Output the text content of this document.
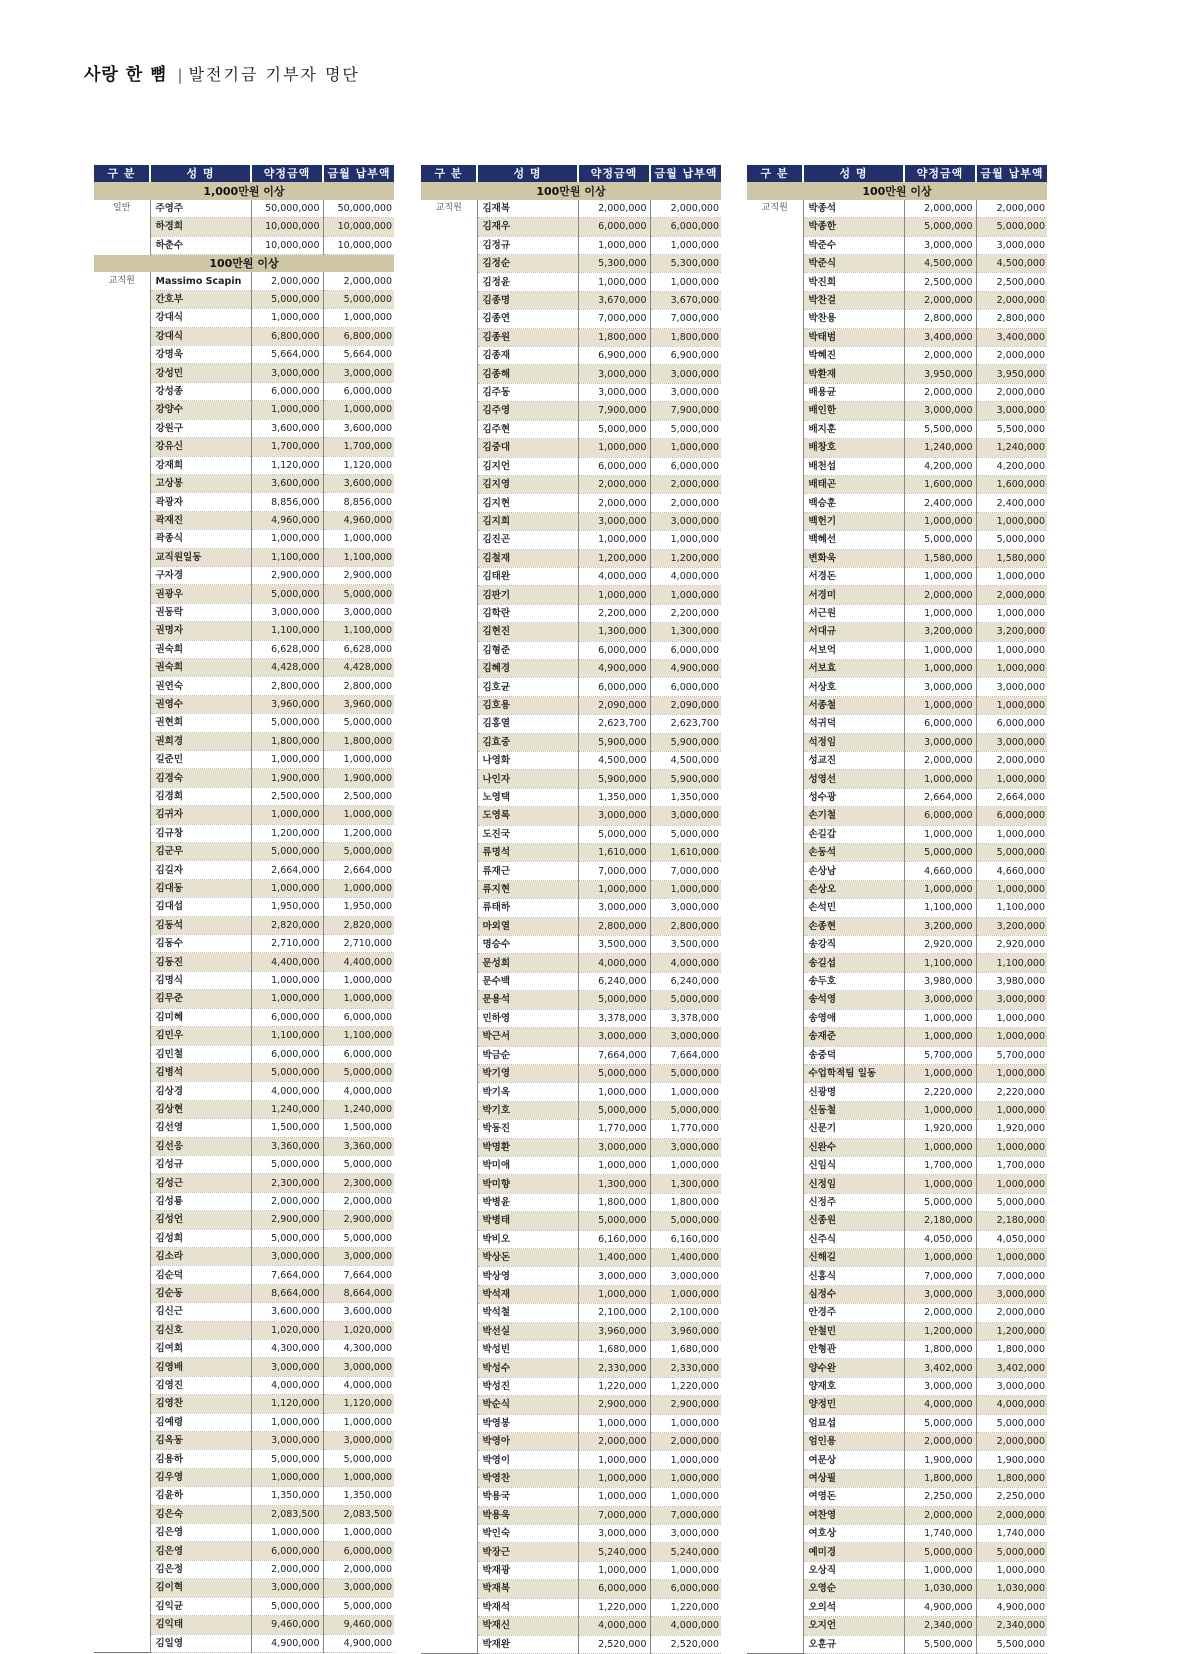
사랑 한 뼘 | 발전기금 기부자 명단
구 분	성 명	약정금액	금월 납부액
1,000만원 이상			
일반	주영주	50,000,000	50,000,000
	하경희	10,000,000	10,000,000
	하춘수	10,000,000	10,000,000
100만원 이상			
교직원	Massimo Scapin	2,000,000	2,000,000
	간호부	5,000,000	5,000,000
	강대식	1,000,000	1,000,000
	강대식	6,800,000	6,800,000
	강명욱	5,664,000	5,664,000
	강성민	3,000,000	3,000,000
	강성종	6,000,000	6,000,000
	강양수	1,000,000	1,000,000
	강원구	3,600,000	3,600,000
	강유신	1,700,000	1,700,000
	강재희	1,120,000	1,120,000
	고상봉	3,600,000	3,600,000
	곽광자	8,856,000	8,856,000
	곽재진	4,960,000	4,960,000
	곽종식	1,000,000	1,000,000
	교직원일동	1,100,000	1,100,000
	구자경	2,900,000	2,900,000
	권광우	5,000,000	5,000,000
	권동락	3,000,000	3,000,000
	권명자	1,100,000	1,100,000
	권숙희	6,628,000	6,628,000
	권숙희	4,428,000	4,428,000
	권연숙	2,800,000	2,800,000
	권영수	3,960,000	3,960,000
	권현희	5,000,000	5,000,000
	권희경	1,800,000	1,800,000
	길준민	1,000,000	1,000,000
	김경숙	1,900,000	1,900,000
	김경희	2,500,000	2,500,000
	김귀자	1,000,000	1,000,000
	김규창	1,200,000	1,200,000
	김군무	5,000,000	5,000,000
	김길자	2,664,000	2,664,000
	김대동	1,000,000	1,000,000
	김대섭	1,950,000	1,950,000
	김동석	2,820,000	2,820,000
	김동수	2,710,000	2,710,000
	김동진	4,400,000	4,400,000
	김명식	1,000,000	1,000,000
	김무준	1,000,000	1,000,000
	김미혜	6,000,000	6,000,000
	김민우	1,100,000	1,100,000
	김민철	6,000,000	6,000,000
	김병석	5,000,000	5,000,000
	김상경	4,000,000	4,000,000
	김상현	1,240,000	1,240,000
	김선영	1,500,000	1,500,000
	김선응	3,360,000	3,360,000
	김성규	5,000,000	5,000,000
	김성근	2,300,000	2,300,000
	김성룡	2,000,000	2,000,000
	김성언	2,900,000	2,900,000
	김성희	5,000,000	5,000,000
	김소라	3,000,000	3,000,000
	김순덕	7,664,000	7,664,000
	김순동	8,664,000	8,664,000
	김신근	3,600,000	3,600,000
	김신호	1,020,000	1,020,000
	김여희	4,300,000	4,300,000
	김영배	3,000,000	3,000,000
	김영진	4,000,000	4,000,000
	김영찬	1,120,000	1,120,000
	김예령	1,000,000	1,000,000
	김옥동	3,000,000	3,000,000
	김용하	5,000,000	5,000,000
	김우영	1,000,000	1,000,000
	김윤하	1,350,000	1,350,000
	김은숙	2,083,500	2,083,500
	김은영	1,000,000	1,000,000
	김은영	6,000,000	6,000,000
	김은정	2,000,000	2,000,000
	김이혁	3,000,000	3,000,000
	김익균	5,000,000	5,000,000
	김익태	9,460,000	9,460,000
	김일영	4,900,000	4,900,000
구 분	성 명	약정금액	금월 납부액
100만원 이상			
교직원	김재복	2,000,000	2,000,000
	김재우	6,000,000	6,000,000
	김정규	1,000,000	1,000,000
	김정순	5,300,000	5,300,000
	김정윤	1,000,000	1,000,000
	김종명	3,670,000	3,670,000
	김종연	7,000,000	7,000,000
	김종원	1,800,000	1,800,000
	김종재	6,900,000	6,900,000
	김종해	3,000,000	3,000,000
	김주동	3,000,000	3,000,000
	김주영	7,900,000	7,900,000
	김주현	5,000,000	5,000,000
	김중대	1,000,000	1,000,000
	김지언	6,000,000	6,000,000
	김지영	2,000,000	2,000,000
	김지현	2,000,000	2,000,000
	김지희	3,000,000	3,000,000
	김진곤	1,000,000	1,000,000
	김철재	1,200,000	1,200,000
	김태완	4,000,000	4,000,000
	김판기	1,000,000	1,000,000
	김학란	2,200,000	2,200,000
	김현진	1,300,000	1,300,000
	김형준	6,000,000	6,000,000
	김혜경	4,900,000	4,900,000
	김호균	6,000,000	6,000,000
	김호용	2,090,000	2,090,000
	김홍열	2,623,700	2,623,700
	김효중	5,900,000	5,900,000
	나영화	4,500,000	4,500,000
	나인자	5,900,000	5,900,000
	노영택	1,350,000	1,350,000
	도영록	3,000,000	3,000,000
	도진국	5,000,000	5,000,000
	류명석	1,610,000	1,610,000
	류재근	7,000,000	7,000,000
	류지현	1,000,000	1,000,000
	류태하	3,000,000	3,000,000
	마외열	2,800,000	2,800,000
	명승수	3,500,000	3,500,000
	문성희	4,000,000	4,000,000
	문수백	6,240,000	6,240,000
	문용석	5,000,000	5,000,000
	민하영	3,378,000	3,378,000
	박근서	3,000,000	3,000,000
	박금순	7,664,000	7,664,000
	박기영	5,000,000	5,000,000
	박기옥	1,000,000	1,000,000
	박기호	5,000,000	5,000,000
	박동진	1,770,000	1,770,000
	박명환	3,000,000	3,000,000
	박미애	1,000,000	1,000,000
	박미향	1,300,000	1,300,000
	박병윤	1,800,000	1,800,000
	박병태	5,000,000	5,000,000
	박비오	6,160,000	6,160,000
	박상돈	1,400,000	1,400,000
	박상영	3,000,000	3,000,000
	박석재	1,000,000	1,000,000
	박석철	2,100,000	2,100,000
	박선실	3,960,000	3,960,000
	박성빈	1,680,000	1,680,000
	박성수	2,330,000	2,330,000
	박성진	1,220,000	1,220,000
	박순식	2,900,000	2,900,000
	박영봉	1,000,000	1,000,000
	박영아	2,000,000	2,000,000
	박영이	1,000,000	1,000,000
	박영찬	1,000,000	1,000,000
	박용국	1,000,000	1,000,000
	박용욱	7,000,000	7,000,000
	박인숙	3,000,000	3,000,000
	박장근	5,240,000	5,240,000
	박재광	1,000,000	1,000,000
	박재복	6,000,000	6,000,000
	박재석	1,220,000	1,220,000
	박재신	4,000,000	4,000,000
	박재완	2,520,000	2,520,000
구 분	성 명	약정금액	금월 납부액
100만원 이상			
교직원	박종석	2,000,000	2,000,000
	박종한	5,000,000	5,000,000
	박준수	3,000,000	3,000,000
	박준식	4,500,000	4,500,000
	박진희	2,500,000	2,500,000
	박찬걸	2,000,000	2,000,000
	박찬용	2,800,000	2,800,000
	박태범	3,400,000	3,400,000
	박혜진	2,000,000	2,000,000
	박환재	3,950,000	3,950,000
	배용균	2,000,000	2,000,000
	배인한	3,000,000	3,000,000
	배지훈	5,500,000	5,500,000
	배창호	1,240,000	1,240,000
	배천섭	4,200,000	4,200,000
	배태곤	1,600,000	1,600,000
	백승훈	2,400,000	2,400,000
	백헌기	1,000,000	1,000,000
	백혜선	5,000,000	5,000,000
	변화욱	1,580,000	1,580,000
	서경돈	1,000,000	1,000,000
	서경미	2,000,000	2,000,000
	서근원	1,000,000	1,000,000
	서대규	3,200,000	3,200,000
	서보억	1,000,000	1,000,000
	서보효	1,000,000	1,000,000
	서상호	3,000,000	3,000,000
	서종철	1,000,000	1,000,000
	석귀덕	6,000,000	6,000,000
	석정임	3,000,000	3,000,000
	성교진	2,000,000	2,000,000
	성영선	1,000,000	1,000,000
	성수광	2,664,000	2,664,000
	손기철	6,000,000	6,000,000
	손길갑	1,000,000	1,000,000
	손동석	5,000,000	5,000,000
	손상남	4,660,000	4,660,000
	손상오	1,000,000	1,000,000
	손석민	1,100,000	1,100,000
	손종현	3,200,000	3,200,000
	송강직	2,920,000	2,920,000
	송길섭	1,100,000	1,100,000
	송두호	3,980,000	3,980,000
	송석영	3,000,000	3,000,000
	송영애	1,000,000	1,000,000
	송재준	1,000,000	1,000,000
	송중덕	5,700,000	5,700,000
	수업학적팀 일동	1,000,000	1,000,000
	신광명	2,220,000	2,220,000
	신동철	1,000,000	1,000,000
	신문기	1,920,000	1,920,000
	신완수	1,000,000	1,000,000
	신임식	1,700,000	1,700,000
	신정임	1,000,000	1,000,000
	신정주	5,000,000	5,000,000
	신종원	2,180,000	2,180,000
	신주식	4,050,000	4,050,000
	신해길	1,000,000	1,000,000
	신홍식	7,000,000	7,000,000
	심정수	3,000,000	3,000,000
	안경주	2,000,000	2,000,000
	안철민	1,200,000	1,200,000
	안형관	1,800,000	1,800,000
	양수완	3,402,000	3,402,000
	양재호	3,000,000	3,000,000
	양정민	4,000,000	4,000,000
	엄묘섭	5,000,000	5,000,000
	엄인용	2,000,000	2,000,000
	여문상	1,900,000	1,900,000
	여상필	1,800,000	1,800,000
	여영돈	2,250,000	2,250,000
	여찬영	2,000,000	2,000,000
	여호상	1,740,000	1,740,000
	예미경	5,000,000	5,000,000
	오상직	1,000,000	1,000,000
	오영순	1,030,000	1,030,000
	오의석	4,900,000	4,900,000
	오지언	2,340,000	2,340,000
	오훈규	5,500,000	5,500,000
